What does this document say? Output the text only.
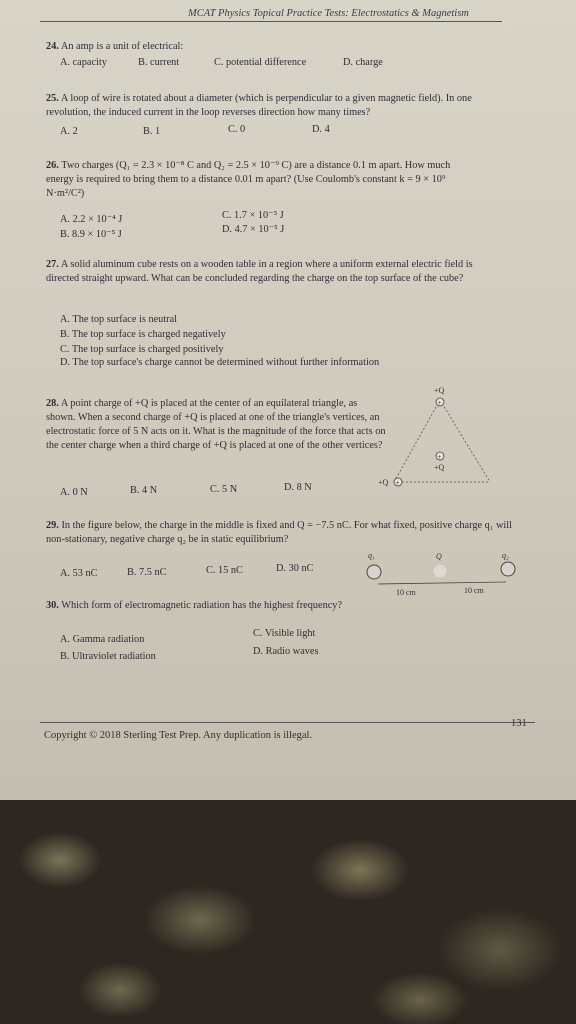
MCAT Physics Topical Practice Tests: Electrostatics & Magnetism
24. An amp is a unit of electrical:
A. capacity	B. current	C. potential difference	D. charge
25. A loop of wire is rotated about a diameter (which is perpendicular to a given magnetic field). In one revolution, the induced current in the loop reverses direction how many times?
A. 2	B. 1	C. 0	D. 4
26. Two charges (Q₁ = 2.3 × 10⁻⁸ C and Q₂ = 2.5 × 10⁻⁹ C) are a distance 0.1 m apart. How much energy is required to bring them to a distance 0.01 m apart? (Use Coulomb's constant k = 9 × 10⁹ N·m²/C²)
A. 2.2 × 10⁻⁴ J	C. 1.7 × 10⁻⁵ J
B. 8.9 × 10⁻⁵ J	D. 4.7 × 10⁻⁵ J
27. A solid aluminum cube rests on a wooden table in a region where a uniform external electric field is directed straight upward. What can be concluded regarding the charge on the top surface of the cube?
A. The top surface is neutral
B. The top surface is charged negatively
C. The top surface is charged positively
D. The top surface's charge cannot be determined without further information
28. A point charge of +Q is placed at the center of an equilateral triangle, as shown. When a second charge of +Q is placed at one of the triangle's vertices, an electrostatic force of 5 N acts on it. What is the magnitude of the force that acts on the center charge when a third charge of +Q is placed at one of the other vertices?
A. 0 N	B. 4 N	C. 5 N	D. 8 N
+Q
+
+
+Q
+Q +
29. In the figure below, the charge in the middle is fixed and Q = −7.5 nC. For what fixed, positive charge q₁ will non-stationary, negative charge q₂ be in static equilibrium?
A. 53 nC	B. 7.5 nC	C. 15 nC	D. 30 nC
q₁	Q	q₂
10 cm	10 cm
30. Which form of electromagnetic radiation has the highest frequency?
A. Gamma radiation
C. Visible light
B. Ultraviolet radiation	D. Radio waves
Copyright © 2018 Sterling Test Prep. Any duplication is illegal.
131
